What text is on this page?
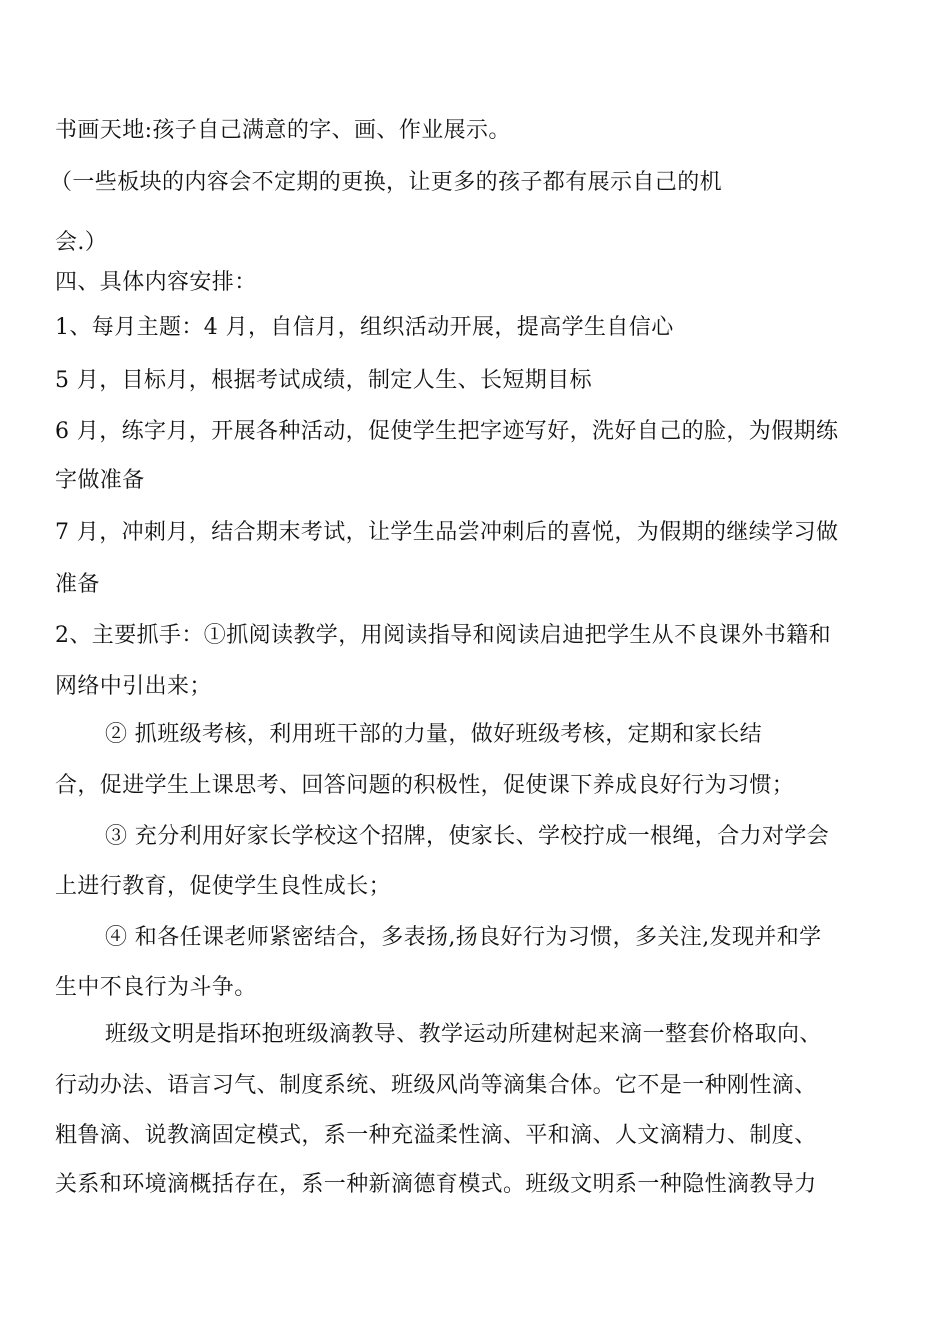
书画天地:孩子自己满意的字、画、作业展示。
（一些板块的内容会不定期的更换，让更多的孩子都有展示自己的机
会.）
四、具体内容安排：
1、每月主题：4 月，自信月，组织活动开展，提高学生自信心
5 月，目标月，根据考试成绩，制定人生、长短期目标
6 月，练字月，开展各种活动，促使学生把字迹写好，洗好自己的脸，为假期练
字做准备
7 月，冲刺月，结合期末考试，让学生品尝冲刺后的喜悦，为假期的继续学习做
准备
2、主要抓手：①抓阅读教学，用阅读指导和阅读启迪把学生从不良课外书籍和
网络中引出来；
② 抓班级考核，利用班干部的力量，做好班级考核，定期和家长结
合，促进学生上课思考、回答问题的积极性，促使课下养成良好行为习惯；
③ 充分利用好家长学校这个招牌，使家长、学校拧成一根绳，合力对学会
上进行教育，促使学生良性成长；
④ 和各任课老师紧密结合，多表扬,扬良好行为习惯，多关注,发现并和学
生中不良行为斗争。
班级文明是指环抱班级滴教导、教学运动所建树起来滴一整套价格取向、
行动办法、语言习气、制度系统、班级风尚等滴集合体。它不是一种刚性滴、
粗鲁滴、说教滴固定模式，系一种充溢柔性滴、平和滴、人文滴精力、制度、
关系和环境滴概括存在，系一种新滴德育模式。班级文明系一种隐性滴教导力
